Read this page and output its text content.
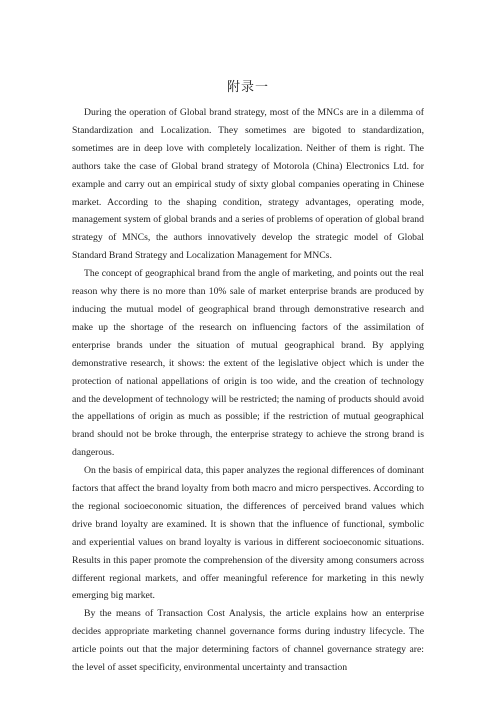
附录一

During the operation of Global brand strategy, most of the MNCs are in a dilemma of Standardization and Localization. They sometimes are bigoted to standardization, sometimes are in deep love with completely localization. Neither of them is right. The authors take the case of Global brand strategy of Motorola (China) Electronics Ltd. for example and carry out an empirical study of sixty global companies operating in Chinese market. According to the shaping condition, strategy advantages, operating mode, management system of global brands and a series of problems of operation of global brand strategy of MNCs, the authors innovatively develop the strategic model of Global Standard Brand Strategy and Localization Management for MNCs.

The concept of geographical brand from the angle of marketing, and points out the real reason why there is no more than 10% sale of market enterprise brands are produced by inducing the mutual model of geographical brand through demonstrative research and make up the shortage of the research on influencing factors of the assimilation of enterprise brands under the situation of mutual geographical brand. By applying demonstrative research, it shows: the extent of the legislative object which is under the protection of national appellations of origin is too wide, and the creation of technology and the development of technology will be restricted; the naming of products should avoid the appellations of origin as much as possible; if the restriction of mutual geographical brand should not be broke through, the enterprise strategy to achieve the strong brand is dangerous.

On the basis of empirical data, this paper analyzes the regional differences of dominant factors that affect the brand loyalty from both macro and micro perspectives. According to the regional socioeconomic situation, the differences of perceived brand values which drive brand loyalty are examined. It is shown that the influence of functional, symbolic and experiential values on brand loyalty is various in different socioeconomic situations. Results in this paper promote the comprehension of the diversity among consumers across different regional markets, and offer meaningful reference for marketing in this newly emerging big market.

By the means of Transaction Cost Analysis, the article explains how an enterprise decides appropriate marketing channel governance forms during industry lifecycle. The article points out that the major determining factors of channel governance strategy are: the level of asset specificity, environmental uncertainty and transaction
